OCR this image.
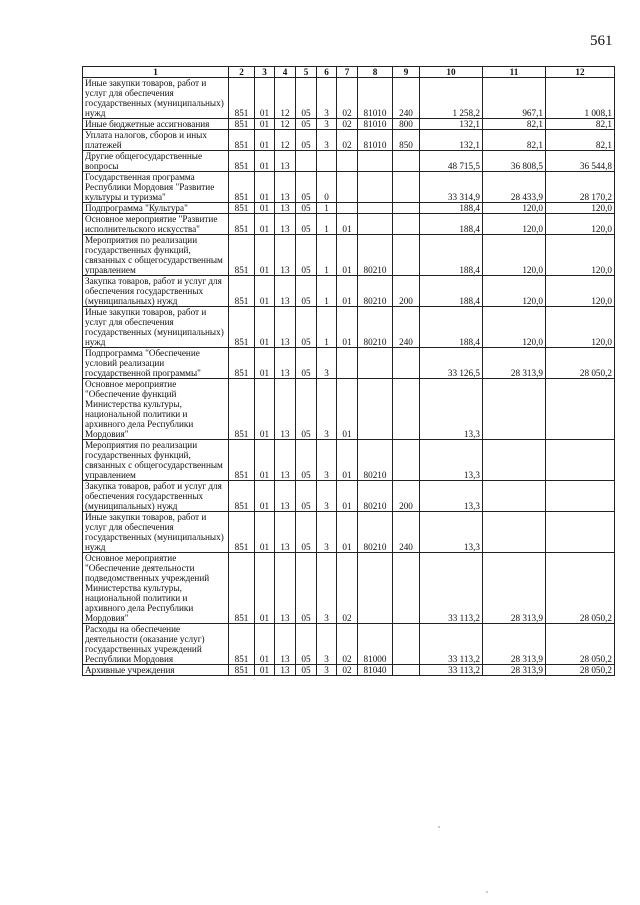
561
1	2	3	4	5	6	7	8	9	10	11	12
Иные закупки товаров, работ и услуг для обеспечения государственных (муниципальных) нужд	851	01	12	05	3	02	81010	240	1 258,2	967,1	1 008,1
Иные бюджетные ассигнования	851	01	12	05	3	02	81010	800	132,1	82,1	82,1
Уплата налогов, сборов и иных платежей	851	01	12	05	3	02	81010	850	132,1	82,1	82,1
Другие общегосударственные вопросы	851	01	13						48 715,5	36 808,5	36 544,8
Государственная программа Республики Мордовия "Развитие культуры и туризма"	851	01	13	05	0				33 314,9	28 433,9	28 170,2
Подпрограмма "Культура"	851	01	13	05	1				188,4	120,0	120,0
Основное мероприятие "Развитие исполнительского искусства"	851	01	13	05	1	01			188,4	120,0	120,0
Мероприятия по реализации государственных функций, связанных с общегосударственным управлением	851	01	13	05	1	01	80210		188,4	120,0	120,0
Закупка товаров, работ и услуг для обеспечения государственных (муниципальных) нужд	851	01	13	05	1	01	80210	200	188,4	120,0	120,0
Иные закупки товаров, работ и услуг для обеспечения государственных (муниципальных) нужд	851	01	13	05	1	01	80210	240	188,4	120,0	120,0
Подпрограмма "Обеспечение условий реализации государственной программы"	851	01	13	05	3				33 126,5	28 313,9	28 050,2
Основное мероприятие "Обеспечение функций Министерства культуры, национальной политики и архивного дела Республики Мордовия"	851	01	13	05	3	01			13,3		
Мероприятия по реализации государственных функций, связанных с общегосударственным управлением	851	01	13	05	3	01	80210		13,3		
Закупка товаров, работ и услуг для обеспечения государственных (муниципальных) нужд	851	01	13	05	3	01	80210	200	13,3		
Иные закупки товаров, работ и услуг для обеспечения государственных (муниципальных) нужд	851	01	13	05	3	01	80210	240	13,3		
Основное мероприятие "Обеспечение деятельности подведомственных учреждений Министерства культуры, национальной политики и архивного дела Республики Мордовия"	851	01	13	05	3	02			33 113,2	28 313,9	28 050,2
Расходы на обеспечение деятельности (оказание услуг) государственных учреждений Республики Мордовия	851	01	13	05	3	02	81000		33 113,2	28 313,9	28 050,2
Архивные учреждения	851	01	13	05	3	02	81040		33 113,2	28 313,9	28 050,2
